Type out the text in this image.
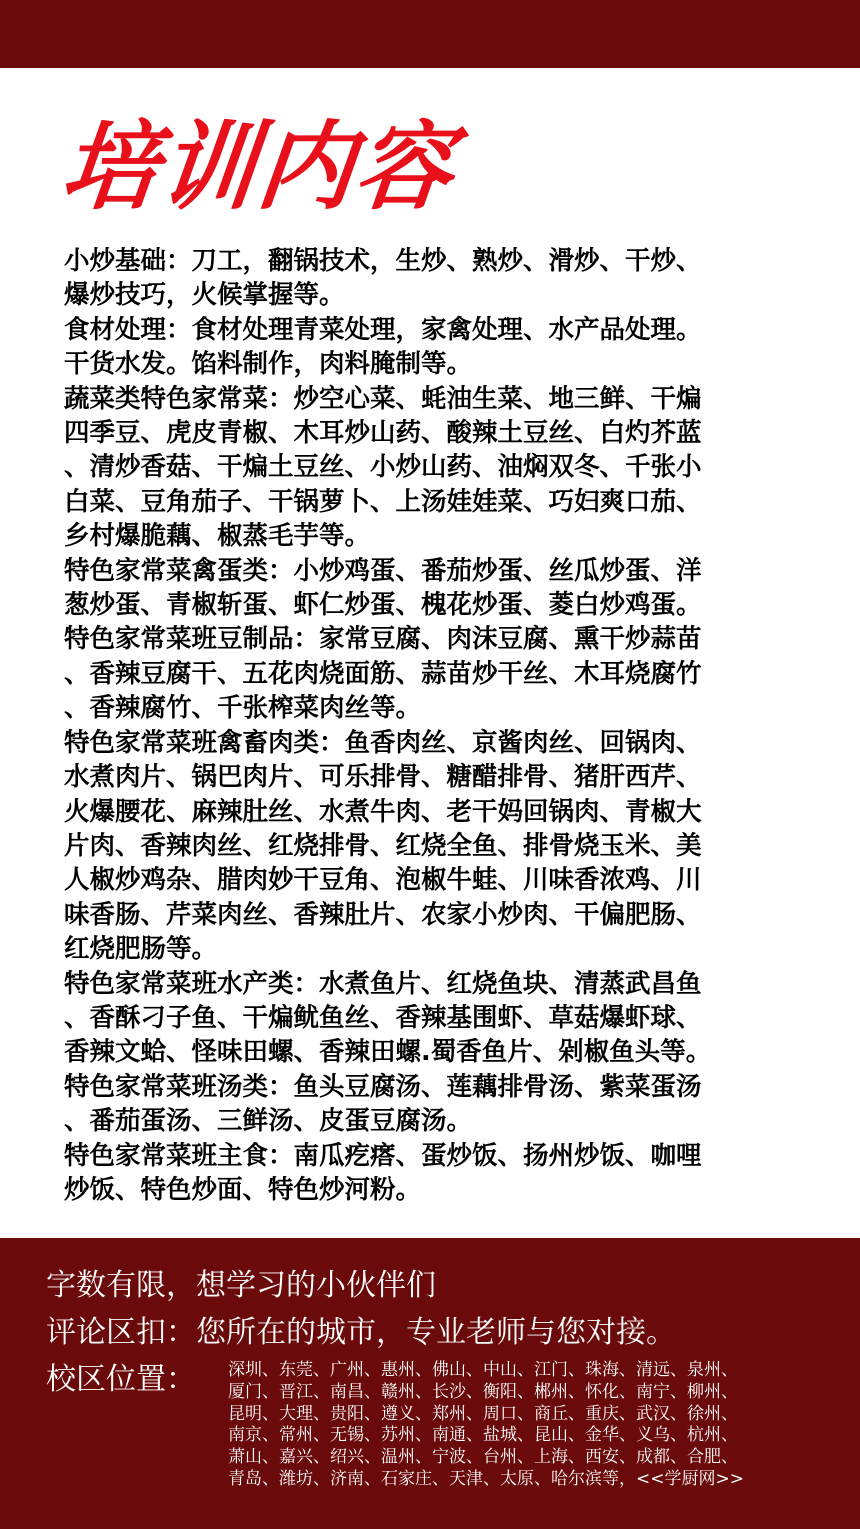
培训内容
小炒基础：刀工，翻锅技术，生炒、熟炒、滑炒、干炒、
爆炒技巧，火候掌握等。
食材处理：食材处理青菜处理，家禽处理、水产品处理。
干货水发。馅料制作，肉料腌制等。
蔬菜类特色家常菜：炒空心菜、蚝油生菜、地三鲜、干煸
四季豆、虎皮青椒、木耳炒山药、酸辣土豆丝、白灼芥蓝
、清炒香菇、干煸土豆丝、小炒山药、油焖双冬、千张小
白菜、豆角茄子、干锅萝卜、上汤娃娃菜、巧妇爽口茄、
乡村爆脆藕、椒蒸毛芋等。
特色家常菜禽蛋类：小炒鸡蛋、番茄炒蛋、丝瓜炒蛋、洋
葱炒蛋、青椒斩蛋、虾仁炒蛋、槐花炒蛋、菱白炒鸡蛋。
特色家常菜班豆制品：家常豆腐、肉沫豆腐、熏干炒蒜苗
、香辣豆腐干、五花肉烧面筋、蒜苗炒干丝、木耳烧腐竹
、香辣腐竹、千张榨菜肉丝等。
特色家常菜班禽畜肉类：鱼香肉丝、京酱肉丝、回锅肉、
水煮肉片、锅巴肉片、可乐排骨、糖醋排骨、猪肝西芹、
火爆腰花、麻辣肚丝、水煮牛肉、老干妈回锅肉、青椒大
片肉、香辣肉丝、红烧排骨、红烧全鱼、排骨烧玉米、美
人椒炒鸡杂、腊肉妙干豆角、泡椒牛蛙、川味香浓鸡、川
味香肠、芹菜肉丝、香辣肚片、农家小炒肉、干偏肥肠、
红烧肥肠等。
特色家常菜班水产类：水煮鱼片、红烧鱼块、清蒸武昌鱼
、香酥刁子鱼、干煸鱿鱼丝、香辣基围虾、草菇爆虾球、
香辣文蛤、怪味田螺、香辣田螺.蜀香鱼片、剁椒鱼头等。
特色家常菜班汤类：鱼头豆腐汤、莲藕排骨汤、紫菜蛋汤
、番茄蛋汤、三鲜汤、皮蛋豆腐汤。
特色家常菜班主食：南瓜疙瘩、蛋炒饭、扬州炒饭、咖哩
炒饭、特色炒面、特色炒河粉。
字数有限，想学习的小伙伴们
评论区扣：您所在的城市，专业老师与您对接。
校区位置： 深圳、东莞、广州、惠州、佛山、中山、江门、珠海、清远、泉州、
厦门、晋江、南昌、赣州、长沙、衡阳、郴州、怀化、南宁、柳州、
昆明、大理、贵阳、遵义、郑州、周口、商丘、重庆、武汉、徐州、
南京、常州、无锡、苏州、南通、盐城、昆山、金华、义乌、杭州、
萧山、嘉兴、绍兴、温州、宁波、台州、上海、西安、成都、合肥、
青岛、潍坊、济南、石家庄、天津、太原、哈尔滨等，<<学厨网>>
